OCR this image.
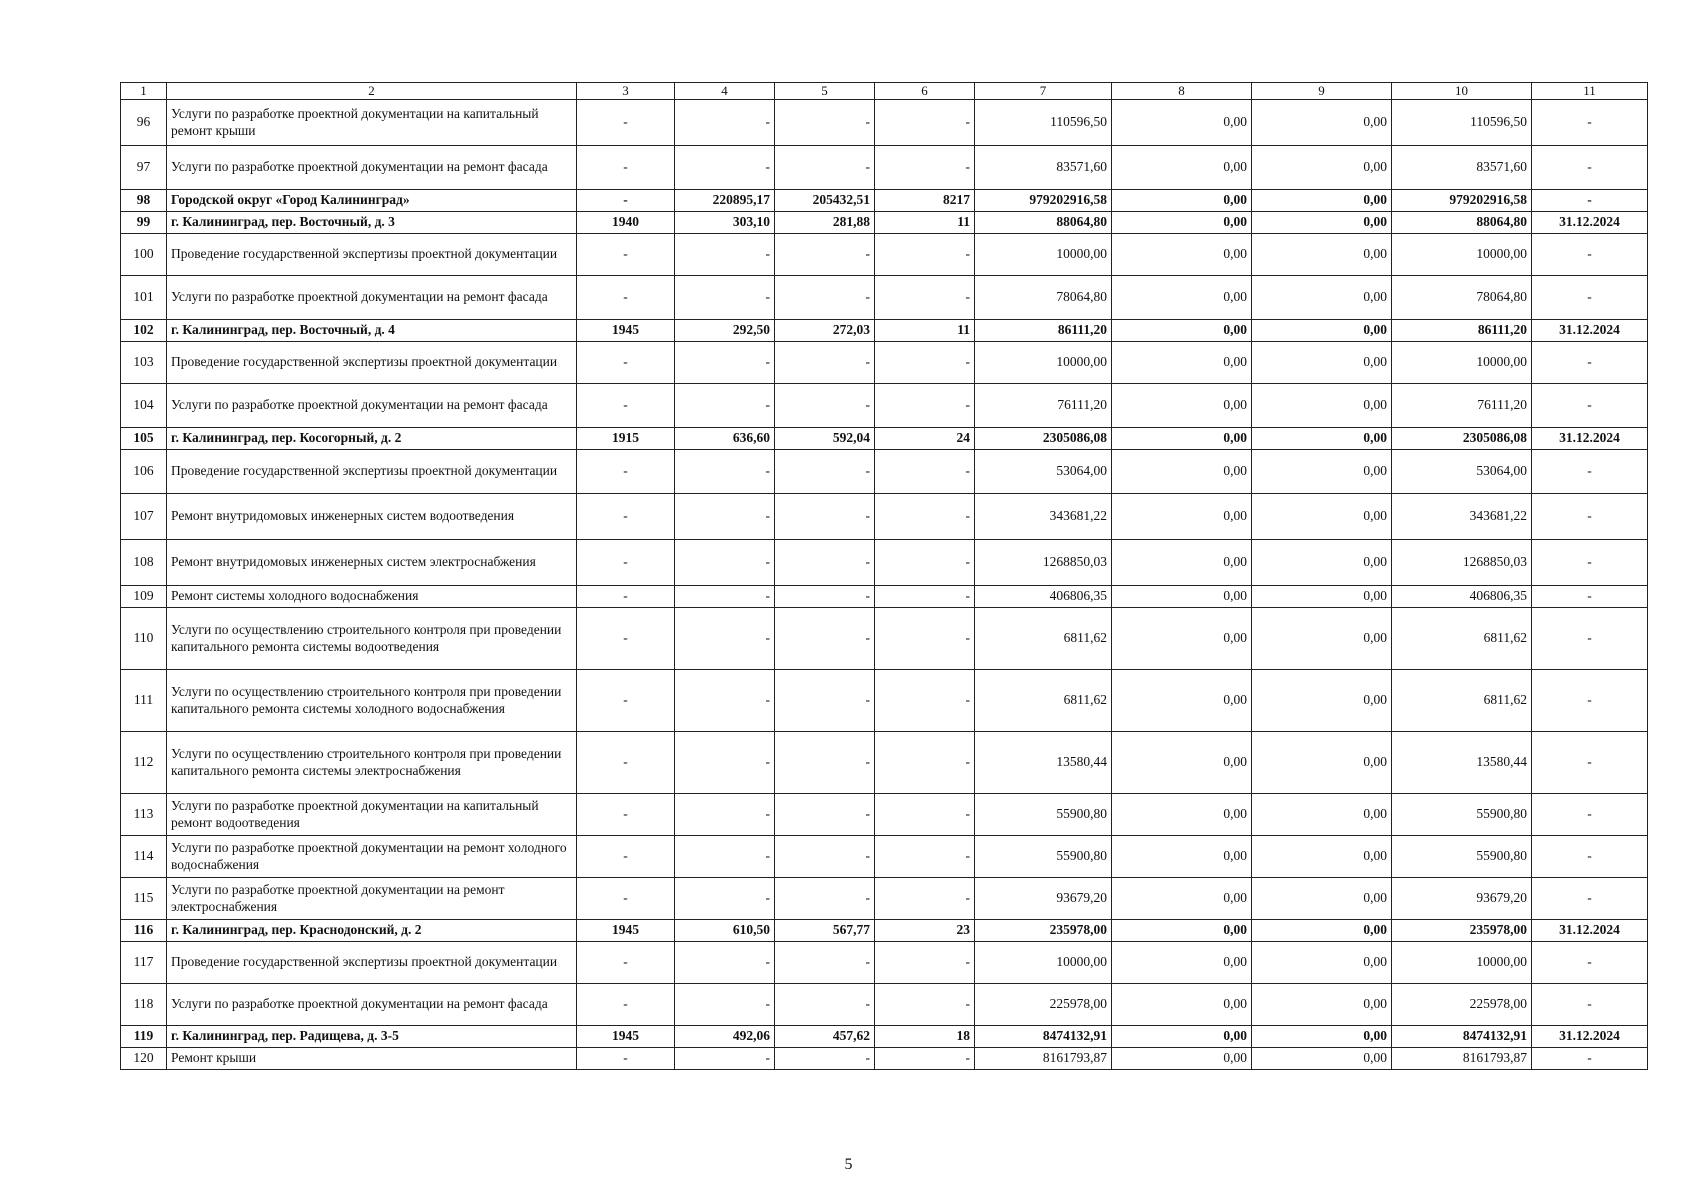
1	2	3	4	5	6	7	8	9	10	11
96	Услуги по разработке проектной документации на капитальный ремонт крыши	-	-	-	-	110596,50	0,00	0,00	110596,50	-
97	Услуги по разработке проектной документации на ремонт фасада	-	-	-	-	83571,60	0,00	0,00	83571,60	-
98	Городской округ «Город Калининград»	-	220895,17	205432,51	8217	979202916,58	0,00	0,00	979202916,58	-
99	г. Калининград, пер. Восточный, д. 3	1940	303,10	281,88	11	88064,80	0,00	0,00	88064,80	31.12.2024
100	Проведение государственной экспертизы проектной документации	-	-	-	-	10000,00	0,00	0,00	10000,00	-
101	Услуги по разработке проектной документации на ремонт фасада	-	-	-	-	78064,80	0,00	0,00	78064,80	-
102	г. Калининград, пер. Восточный, д. 4	1945	292,50	272,03	11	86111,20	0,00	0,00	86111,20	31.12.2024
103	Проведение государственной экспертизы проектной документации	-	-	-	-	10000,00	0,00	0,00	10000,00	-
104	Услуги по разработке проектной документации на ремонт фасада	-	-	-	-	76111,20	0,00	0,00	76111,20	-
105	г. Калининград, пер. Косогорный, д. 2	1915	636,60	592,04	24	2305086,08	0,00	0,00	2305086,08	31.12.2024
106	Проведение государственной экспертизы проектной документации	-	-	-	-	53064,00	0,00	0,00	53064,00	-
107	Ремонт внутридомовых инженерных систем водоотведения	-	-	-	-	343681,22	0,00	0,00	343681,22	-
108	Ремонт внутридомовых инженерных систем электроснабжения	-	-	-	-	1268850,03	0,00	0,00	1268850,03	-
109	Ремонт системы холодного водоснабжения	-	-	-	-	406806,35	0,00	0,00	406806,35	-
110	Услуги по осуществлению строительного контроля при проведении капитального ремонта системы водоотведения	-	-	-	-	6811,62	0,00	0,00	6811,62	-
111	Услуги по осуществлению строительного контроля при проведении капитального ремонта системы холодного водоснабжения	-	-	-	-	6811,62	0,00	0,00	6811,62	-
112	Услуги по осуществлению строительного контроля при проведении капитального ремонта системы электроснабжения	-	-	-	-	13580,44	0,00	0,00	13580,44	-
113	Услуги по разработке проектной документации на капитальный ремонт водоотведения	-	-	-	-	55900,80	0,00	0,00	55900,80	-
114	Услуги по разработке проектной документации на ремонт холодного водоснабжения	-	-	-	-	55900,80	0,00	0,00	55900,80	-
115	Услуги по разработке проектной документации на ремонт электроснабжения	-	-	-	-	93679,20	0,00	0,00	93679,20	-
116	г. Калининград, пер. Краснодонский, д. 2	1945	610,50	567,77	23	235978,00	0,00	0,00	235978,00	31.12.2024
117	Проведение государственной экспертизы проектной документации	-	-	-	-	10000,00	0,00	0,00	10000,00	-
118	Услуги по разработке проектной документации на ремонт фасада	-	-	-	-	225978,00	0,00	0,00	225978,00	-
119	г. Калининград, пер. Радищева, д. 3-5	1945	492,06	457,62	18	8474132,91	0,00	0,00	8474132,91	31.12.2024
120	Ремонт крыши	-	-	-	-	8161793,87	0,00	0,00	8161793,87	-
5
